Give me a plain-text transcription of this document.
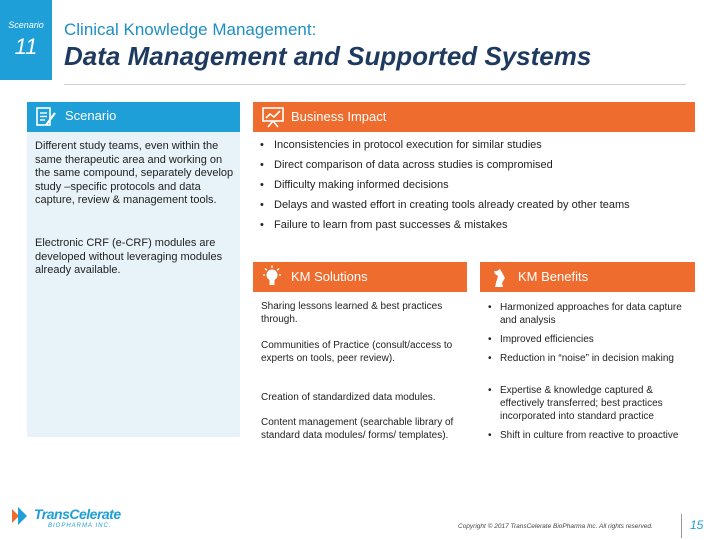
Scenario
11
Clinical Knowledge Management:
Data Management and Supported Systems
Scenario
Different study teams, even within the same therapeutic area and working on the same compound, separately develop study –specific protocols and data capture, review & management tools.
Electronic CRF (e-CRF) modules are developed without leveraging modules already available.
Business Impact
• Inconsistencies in protocol execution for similar studies
• Direct comparison of data across studies is compromised
• Difficulty making informed decisions
• Delays and wasted effort in creating tools already created by other teams
• Failure to learn from past successes & mistakes
KM Solutions
Sharing lessons learned & best practices through.
Communities of Practice (consult/access to experts on tools, peer review).
Creation of standardized data modules.
Content management (searchable library of standard data modules/ forms/ templates).
KM Benefits
• Harmonized approaches for data capture and analysis
• Improved efficiencies
• Reduction in “noise” in decision making
• Expertise & knowledge captured & effectively transferred; best practices incorporated into standard practice
• Shift in culture from reactive to proactive
TransCelerate
BIOPHARMA INC.	Copyright © 2017 TransCelerate BioPharma Inc. All rights reserved.	15
